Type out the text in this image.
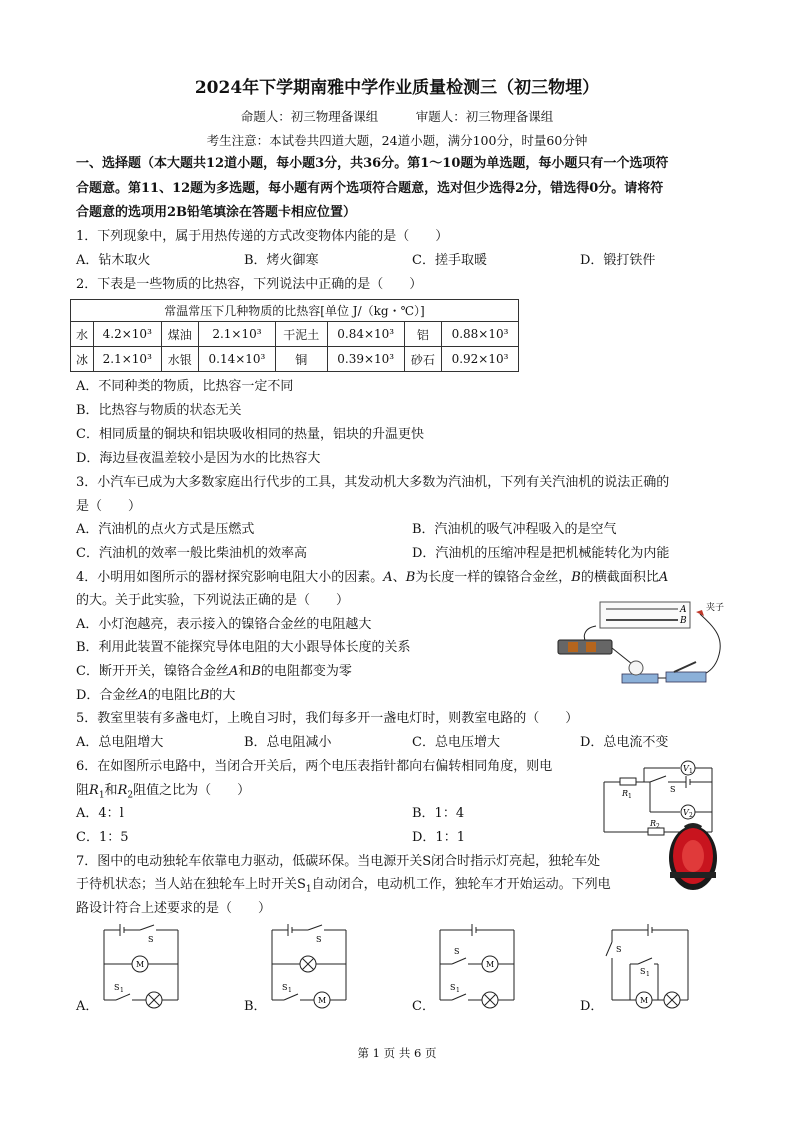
2024年下学期南雅中学作业质量检测三（初三物埋）
命题人：初三物理备课组　　　审题人：初三物理备课组
考生注意：本试卷共四道大题，24道小题，满分100分，时量60分钟
一、选择题（本大题共12道小题，每小题3分，共36分。第1～10题为单选题，每小题只有一个选项符
合题意。第11、12题为多选题，每小题有两个选项符合题意，选对但少选得2分，错选得0分。请将符
合题意的选项用2B铅笔填涂在答题卡相应位置）
1．下列现象中，属于用热传递的方式改变物体内能的是（　　）
A．钻木取火	B．烤火御寒	C．搓手取暖	D．锻打铁件
2．下表是一些物质的比热容，下列说法中正确的是（　　）
常温常压下几种物质的比热容[单位 J/（kg・℃）]							
水	4.2×10³	煤油	2.1×10³	干泥土	0.84×10³	铝	0.88×10³
冰	2.1×10³	水银	0.14×10³	铜	0.39×10³	砂石	0.92×10³
A．不同种类的物质，比热容一定不同
B．比热容与物质的状态无关
C．相同质量的铜块和铝块吸收相同的热量，铝块的升温更快
D．海边昼夜温差较小是因为水的比热容大
3．小汽车已成为大多数家庭出行代步的工具，其发动机大多数为汽油机，下列有关汽油机的说法正确的
是（　　）
A．汽油机的点火方式是压燃式	B．汽油机的吸气冲程吸入的是空气
C．汽油机的效率一般比柴油机的效率高	D．汽油机的压缩冲程是把机械能转化为内能
4．小明用如图所示的器材探究影响电阻大小的因素。A、B为长度一样的镍铬合金丝，B的横截面积比A
的大。关于此实验，下列说法正确的是（　　）
A．小灯泡越亮，表示接入的镍铬合金丝的电阻越大
B．利用此装置不能探究导体电阻的大小跟导体长度的关系
C．断开开关，镍铬合金丝A和B的电阻都变为零
D．合金丝A的电阻比B的大
A
B
夹子
5．教室里装有多盏电灯，上晚自习时，我们每多开一盏电灯时，则教室电路的（　　）
A．总电阻增大	B．总电阻减小	C．总电压增大	D．总电流不变
6．在如图所示电路中，当闭合开关后，两个电压表指针都向右偏转相同角度，则电
阻$R_1$和$R_2$阻值之比为（　　）
A．4：l	B．1：4
C．1：5	D．1：1
V 1
V 2
R 1
R 2
S
7．图中的电动独轮车依靠电力驱动，低碳环保。当电源开关S闭合时指示灯亮起，独轮车处
于待机状态；当人站在独轮车上时开关$S_1$自动闭合，电动机工作，独轮车才开始运动。下列电
路设计符合上述要求的是（　　）
S
M
S 1
S
M
S 1
S
M
S 1
S
M
S 1
A．	B．	C．	D．
第 1 页 共 6 页
